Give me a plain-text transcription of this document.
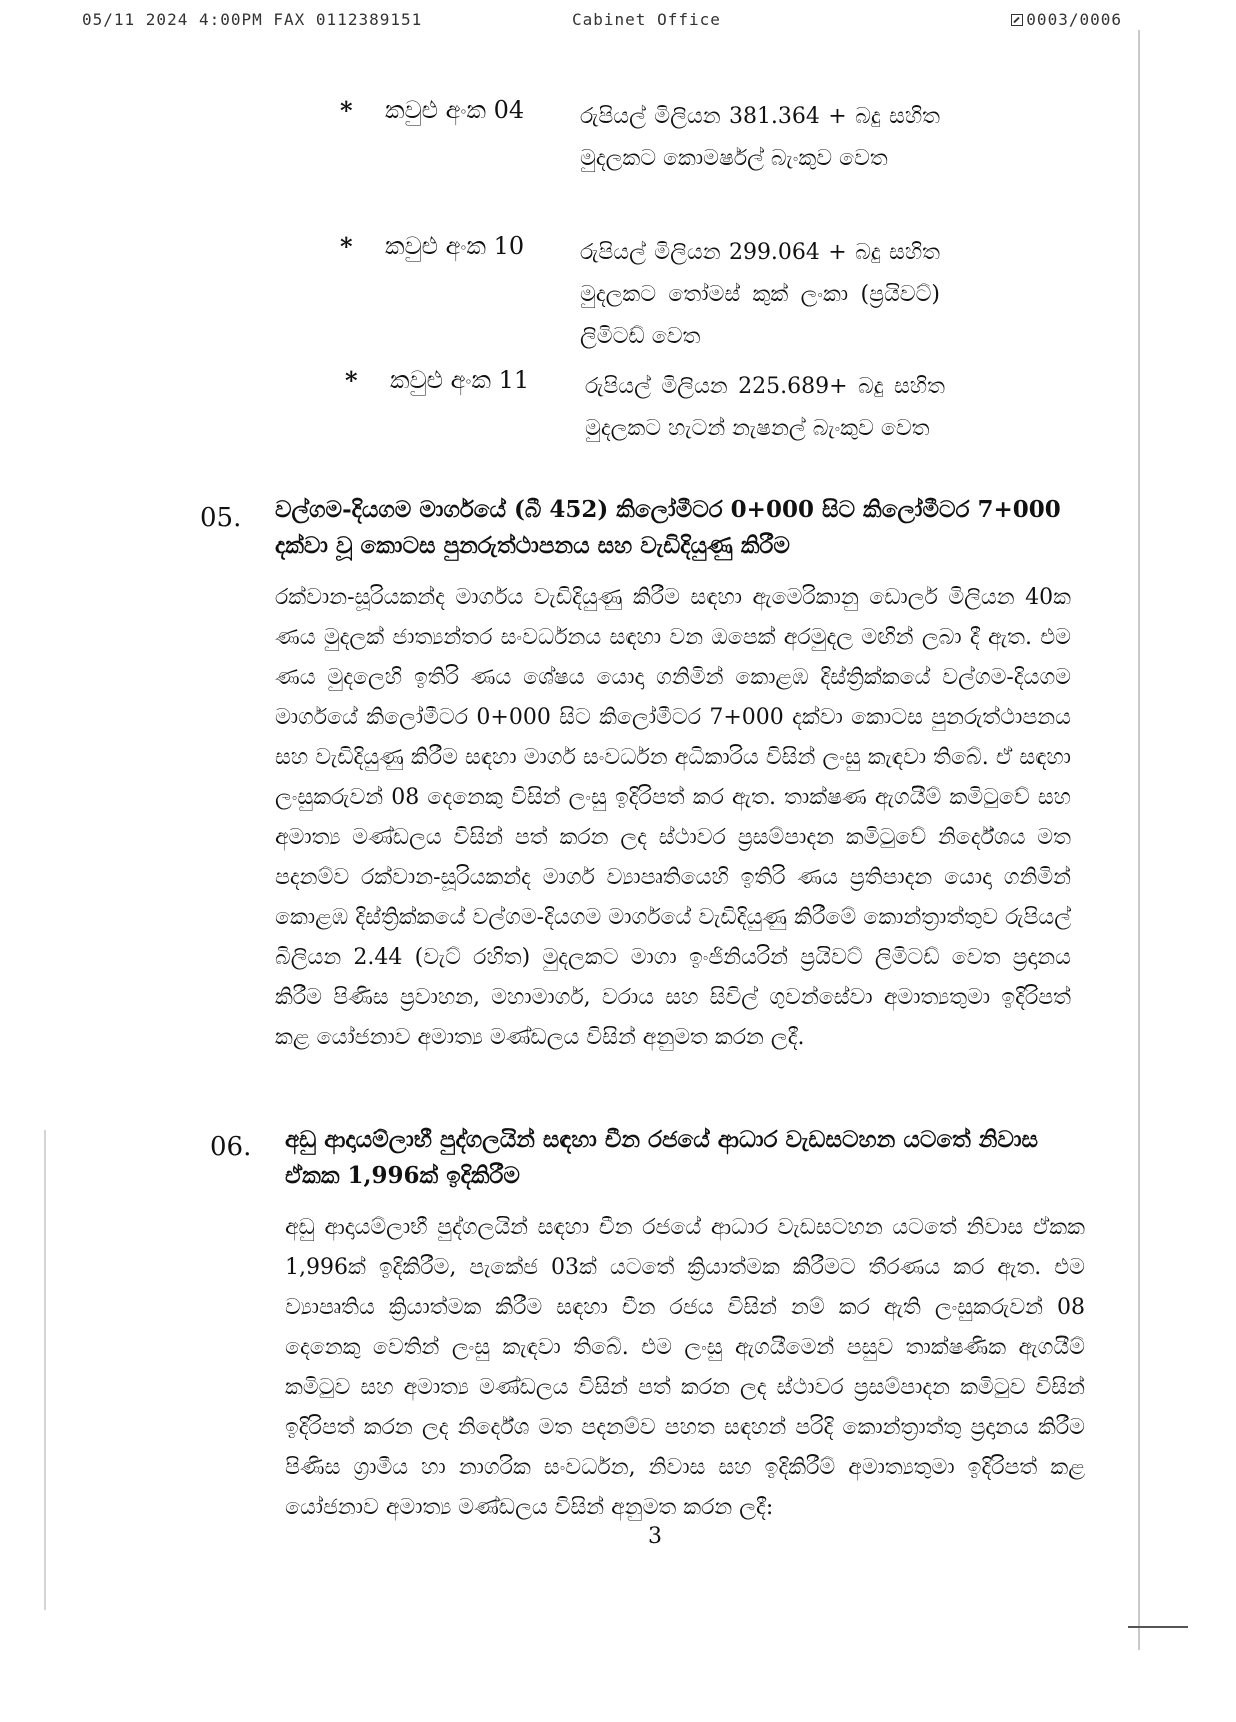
05/11 2024 4:00PM FAX 0112389151	Cabinet Office	0003/0006
* කවුළු අංක 04	රුපියල් මිලියන 381.364 + බදු සහිත මුදලකට කොමර්ෂල් බැංකුව වෙත
* කවුළු අංක 10	රුපියල් මිලියන 299.064 + බදු සහිත මුදලකට තෝමස් කුක් ලංකා (ප්‍රයිවට්) ලිමිටඩ් වෙත
* කවුළු අංක 11	රුපියල් මිලියන 225.689+ බදු සහිත මුදලකට හැටන් නැෂනල් බැංකුව වෙත
05. වල්ගම-දියගම මාර්ගයේ (බී 452) කිලෝමීටර 0+000 සිට කිලෝමීටර 7+000 දක්වා වූ කොටස පුනරුත්ථාපනය සහ වැඩිදියුණු කිරීම
රක්වාන-සූරියකන්ද මාර්ගය වැඩිදියුණු කිරීම සඳහා ඇමෙරිකානු ඩොලර් මිලියන 40ක ණය මුදලක් ජාත්‍යන්තර සංවර්ධනය සඳහා වන ඔපෙක් අරමුදල මඟින් ලබා දී ඇත. එම ණය මුදලෙහි ඉතිරි ණය ශේෂය යොදා ගනිමින් කොළඹ දිස්ත්‍රික්කයේ වල්ගම-දියගම මාර්ගයේ කිලෝමීටර 0+000 සිට කිලෝමීටර 7+000 දක්වා කොටස පුනරුත්ථාපනය සහ වැඩිදියුණු කිරීම සඳහා මාර්ග සංවර්ධන අධිකාරිය විසින් ලංසු කැඳවා තිබේ. ඒ සඳහා ලංසුකරුවන් 08 දෙනෙකු විසින් ලංසු ඉදිරිපත් කර ඇත. තාක්ෂණ ඇගයීම් කමිටුවේ සහ අමාත්‍ය මණ්ඩලය විසින් පත් කරන ලද ස්ථාවර ප්‍රසම්පාදන කමිටුවේ නිර්දේශය මත පදනම්ව රක්වාන-සූරියකන්ද මාර්ග ව්‍යාපෘතියෙහි ඉතිරි ණය ප්‍රතිපාදන යොදා ගනිමින් කොළඹ දිස්ත්‍රික්කයේ වල්ගම-දියගම මාර්ගයේ වැඩිදියුණු කිරීමේ කොන්ත්‍රාත්තුව රුපියල් බිලියන 2.44 (වැට් රහිත) මුදලකට මාගා ඉංජිනියරින් ප්‍රයිවට් ලිමිටඩ් වෙත ප්‍රදානය කිරීම පිණිස ප්‍රවාහන, මහාමාර්ග, වරාය සහ සිවිල් ගුවන්සේවා අමාත්‍යතුමා ඉදිරිපත් කළ යෝජනාව අමාත්‍ය මණ්ඩලය විසින් අනුමත කරන ලදී.
06. අඩු ආදායම්ලාභී පුද්ගලයින් සඳහා චීන රජයේ ආධාර වැඩසටහන යටතේ නිවාස ඒකක 1,996ක් ඉදිකිරීම
අඩු ආදායම්ලාභී පුද්ගලයින් සඳහා චීන රජයේ ආධාර වැඩසටහන යටතේ නිවාස ඒකක 1,996ක් ඉදිකිරීම, පැකේජ 03ක් යටතේ ක්‍රියාත්මක කිරීමට තීරණය කර ඇත. එම ව්‍යාපෘතිය ක්‍රියාත්මක කිරීම සඳහා චීන රජය විසින් නම් කර ඇති ලංසුකරුවන් 08 දෙනෙකු වෙතින් ලංසු කැඳවා තිබේ. එම ලංසු ඇගයීමෙන් පසුව තාක්ෂණික ඇගයීම් කමිටුව සහ අමාත්‍ය මණ්ඩලය විසින් පත් කරන ලද ස්ථාවර ප්‍රසම්පාදන කමිටුව විසින් ඉදිරිපත් කරන ලද නිර්දේශ මත පදනම්ව පහත සඳහන් පරිදි කොන්ත්‍රාත්තු ප්‍රදානය කිරීම පිණිස ග්‍රාමීය හා නාගරික සංවර්ධන, නිවාස සහ ඉදිකිරීම් අමාත්‍යතුමා ඉදිරිපත් කළ යෝජනාව අමාත්‍ය මණ්ඩලය විසින් අනුමත කරන ලදී:
3
